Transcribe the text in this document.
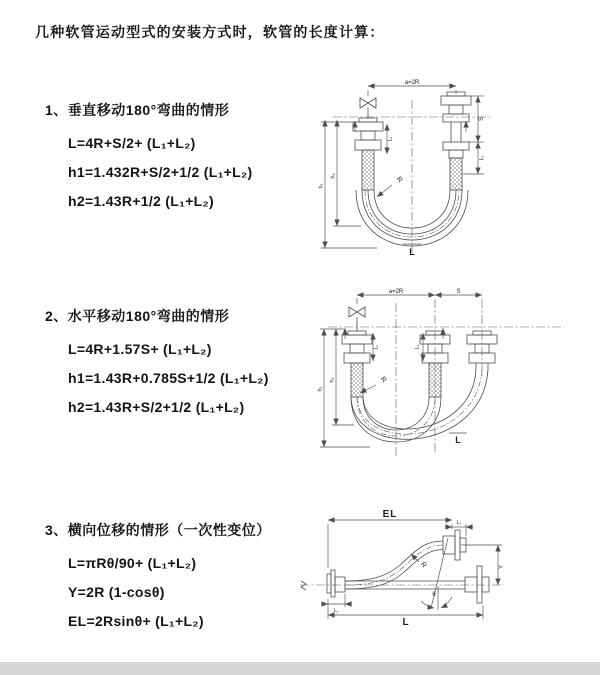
几种软管运动型式的安装方式时，软管的长度计算：
1、垂直移动180°弯曲的情形
L=4R+S/2+ (L₁+L₂)
h1=1.432R+S/2+1/2 (L₁+L₂)
h2=1.43R+1/2 (L₁+L₂)
2、水平移动180°弯曲的情形
L=4R+1.57S+ (L₁+L₂)
h1=1.43R+0.785S+1/2 (L₁+L₂)
h2=1.43R+S/2+1/2 (L₁+L₂)
3、横向位移的情形（一次性变位）
L=πRθ/90+ (L₁+L₂)
Y=2R (1-cosθ)
EL=2Rsinθ+ (L₁+L₂)
a=2R
h₁
h₂
L₁
S
L₂
R
L
a=2R	S
h₁
h₂
L₁	L₂
R
L
θ
R
EL
L₂
Y
L
L₁
